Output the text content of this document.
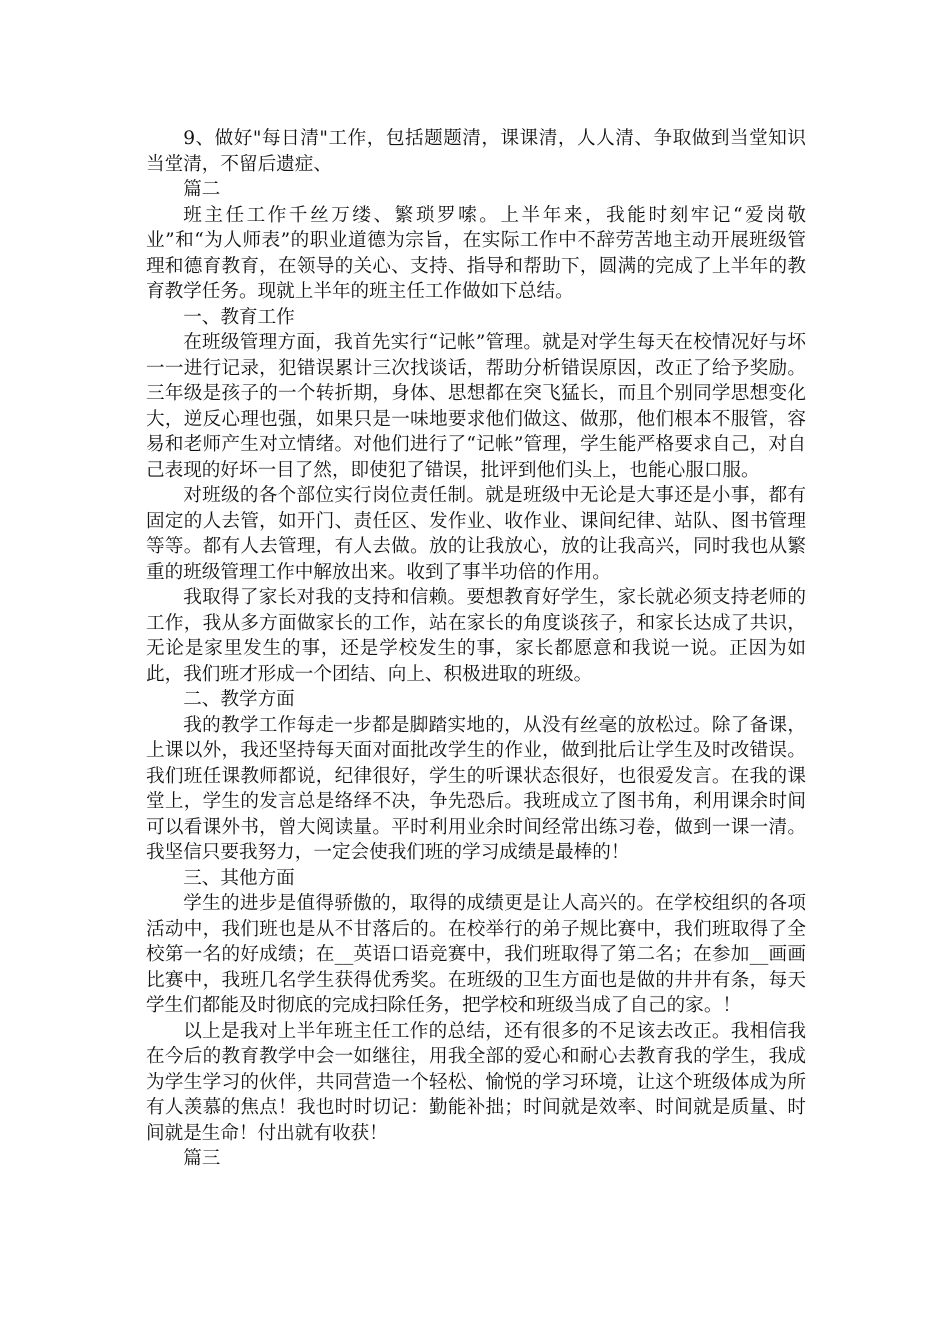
9、做好"每日清"工作，包括题题清，课课清，人人清、争取做到当堂知识当堂清，不留后遗症、

篇二

班主任工作千丝万缕、繁琐罗嗦。上半年来，我能时刻牢记“爱岗敬业”和“为人师表”的职业道德为宗旨，在实际工作中不辞劳苦地主动开展班级管理和德育教育，在领导的关心、支持、指导和帮助下，圆满的完成了上半年的教育教学任务。现就上半年的班主任工作做如下总结。

一、教育工作

在班级管理方面，我首先实行“记帐”管理。就是对学生每天在校情况好与坏一一进行记录，犯错误累计三次找谈话，帮助分析错误原因，改正了给予奖励。三年级是孩子的一个转折期，身体、思想都在突飞猛长，而且个别同学思想变化大，逆反心理也强，如果只是一味地要求他们做这、做那，他们根本不服管，容易和老师产生对立情绪。对他们进行了“记帐”管理，学生能严格要求自己，对自己表现的好坏一目了然，即使犯了错误，批评到他们头上，也能心服口服。

对班级的各个部位实行岗位责任制。就是班级中无论是大事还是小事，都有固定的人去管，如开门、责任区、发作业、收作业、课间纪律、站队、图书管理等等。都有人去管理，有人去做。放的让我放心，放的让我高兴，同时我也从繁重的班级管理工作中解放出来。收到了事半功倍的作用。

我取得了家长对我的支持和信赖。要想教育好学生，家长就必须支持老师的工作，我从多方面做家长的工作，站在家长的角度谈孩子，和家长达成了共识，无论是家里发生的事，还是学校发生的事，家长都愿意和我说一说。正因为如此，我们班才形成一个团结、向上、积极进取的班级。

二、教学方面

我的教学工作每走一步都是脚踏实地的，从没有丝毫的放松过。除了备课，上课以外，我还坚持每天面对面批改学生的作业，做到批后让学生及时改错误。我们班任课教师都说，纪律很好，学生的听课状态很好，也很爱发言。在我的课堂上，学生的发言总是络绎不决，争先恐后。我班成立了图书角，利用课余时间可以看课外书，曾大阅读量。平时利用业余时间经常出练习卷，做到一课一清。我坚信只要我努力，一定会使我们班的学习成绩是最棒的！

三、其他方面

学生的进步是值得骄傲的，取得的成绩更是让人高兴的。在学校组织的各项活动中，我们班也是从不甘落后的。在校举行的弟子规比赛中，我们班取得了全校第一名的好成绩；在__英语口语竞赛中，我们班取得了第二名；在参加__画画比赛中，我班几名学生获得优秀奖。在班级的卫生方面也是做的井井有条，每天学生们都能及时彻底的完成扫除任务，把学校和班级当成了自己的家。！

以上是我对上半年班主任工作的总结，还有很多的不足该去改正。我相信我在今后的教育教学中会一如继往，用我全部的爱心和耐心去教育我的学生，我成为学生学习的伙伴，共同营造一个轻松、愉悦的学习环境，让这个班级体成为所有人羡慕的焦点！我也时时切记：勤能补拙；时间就是效率、时间就是质量、时间就是生命！付出就有收获！

篇三
